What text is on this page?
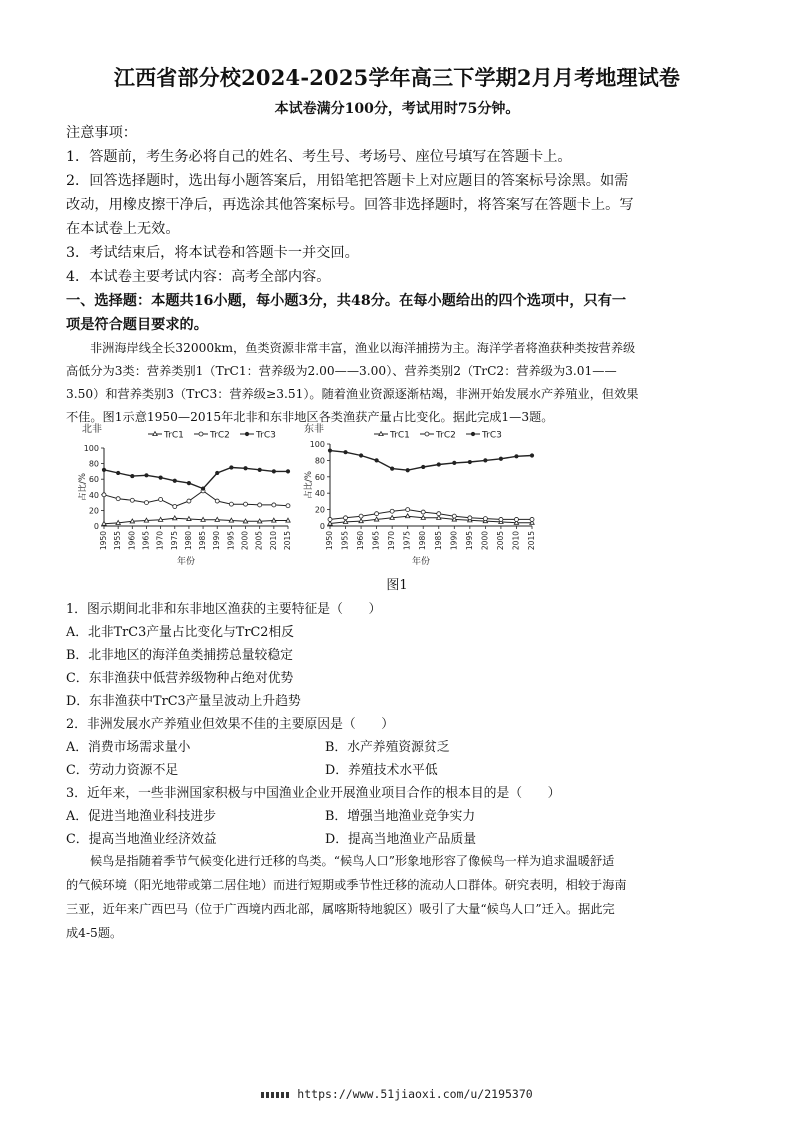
江西省部分校2024-2025学年高三下学期2月月考地理试卷
本试卷满分100分，考试用时75分钟。
注意事项：
1．答题前，考生务必将自己的姓名、考生号、考场号、座位号填写在答题卡上。
2．回答选择题时，选出每小题答案后，用铅笔把答题卡上对应题目的答案标号涂黑。如需
改动，用橡皮擦干净后，再选涂其他答案标号。回答非选择题时，将答案写在答题卡上。写
在本试卷上无效。
3．考试结束后，将本试卷和答题卡一并交回。
4．本试卷主要考试内容：高考全部内容。
一、选择题：本题共16小题，每小题3分，共48分。在每小题给出的四个选项中，只有一
项是符合题目要求的。
非洲海岸线全长32000km，鱼类资源非常丰富，渔业以海洋捕捞为主。海洋学者将渔获种类按营养级
高低分为3类：营养类别1（TrC1：营养级为2.00——3.00）、营养类别2（TrC2：营养级为3.01——
3.50）和营养类别3（TrC3：营养级≥3.51）。随着渔业资源逐渐枯竭，非洲开始发展水产养殖业，但效果
不佳。图1示意1950—2015年北非和东非地区各类渔获产量占比变化。据此完成1—3题。
北非
0
20
40
60
80
100
占比/%
1950 1955 1960 1965 1970 1975 1980 1985 1990 1995 2000 2005 2010 2015
年份
TrC1	TrC2	TrC3
东非
0
20
40
60
80
100
占比/%
1950 1955 1960 1965 1970 1975 1980 1985 1990 1995 2000 2005 2010 2015
年份
TrC1	TrC2	TrC3
图1
1．图示期间北非和东非地区渔获的主要特征是（　　）
A．北非TrC3产量占比变化与TrC2相反
B．北非地区的海洋鱼类捕捞总量较稳定
C．东非渔获中低营养级物种占绝对优势
D．东非渔获中TrC3产量呈波动上升趋势
2．非洲发展水产养殖业但效果不佳的主要原因是（　　）
A．消费市场需求量小	B．水产养殖资源贫乏
C．劳动力资源不足	D．养殖技术水平低
3．近年来，一些非洲国家积极与中国渔业企业开展渔业项目合作的根本目的是（　　）
A．促进当地渔业科技进步	B．增强当地渔业竞争实力
C．提高当地渔业经济效益	D．提高当地渔业产品质量
候鸟是指随着季节气候变化进行迁移的鸟类。“候鸟人口”形象地形容了像候鸟一样为追求温暖舒适
的气候环境（阳光地带或第二居住地）而进行短期或季节性迁移的流动人口群体。研究表明，相较于海南
三亚，近年来广西巴马（位于广西境内西北部，属喀斯特地貌区）吸引了大量“候鸟人口”迁入。据此完
成4-5题。
https://www.51jiaoxi.com/u/2195370
